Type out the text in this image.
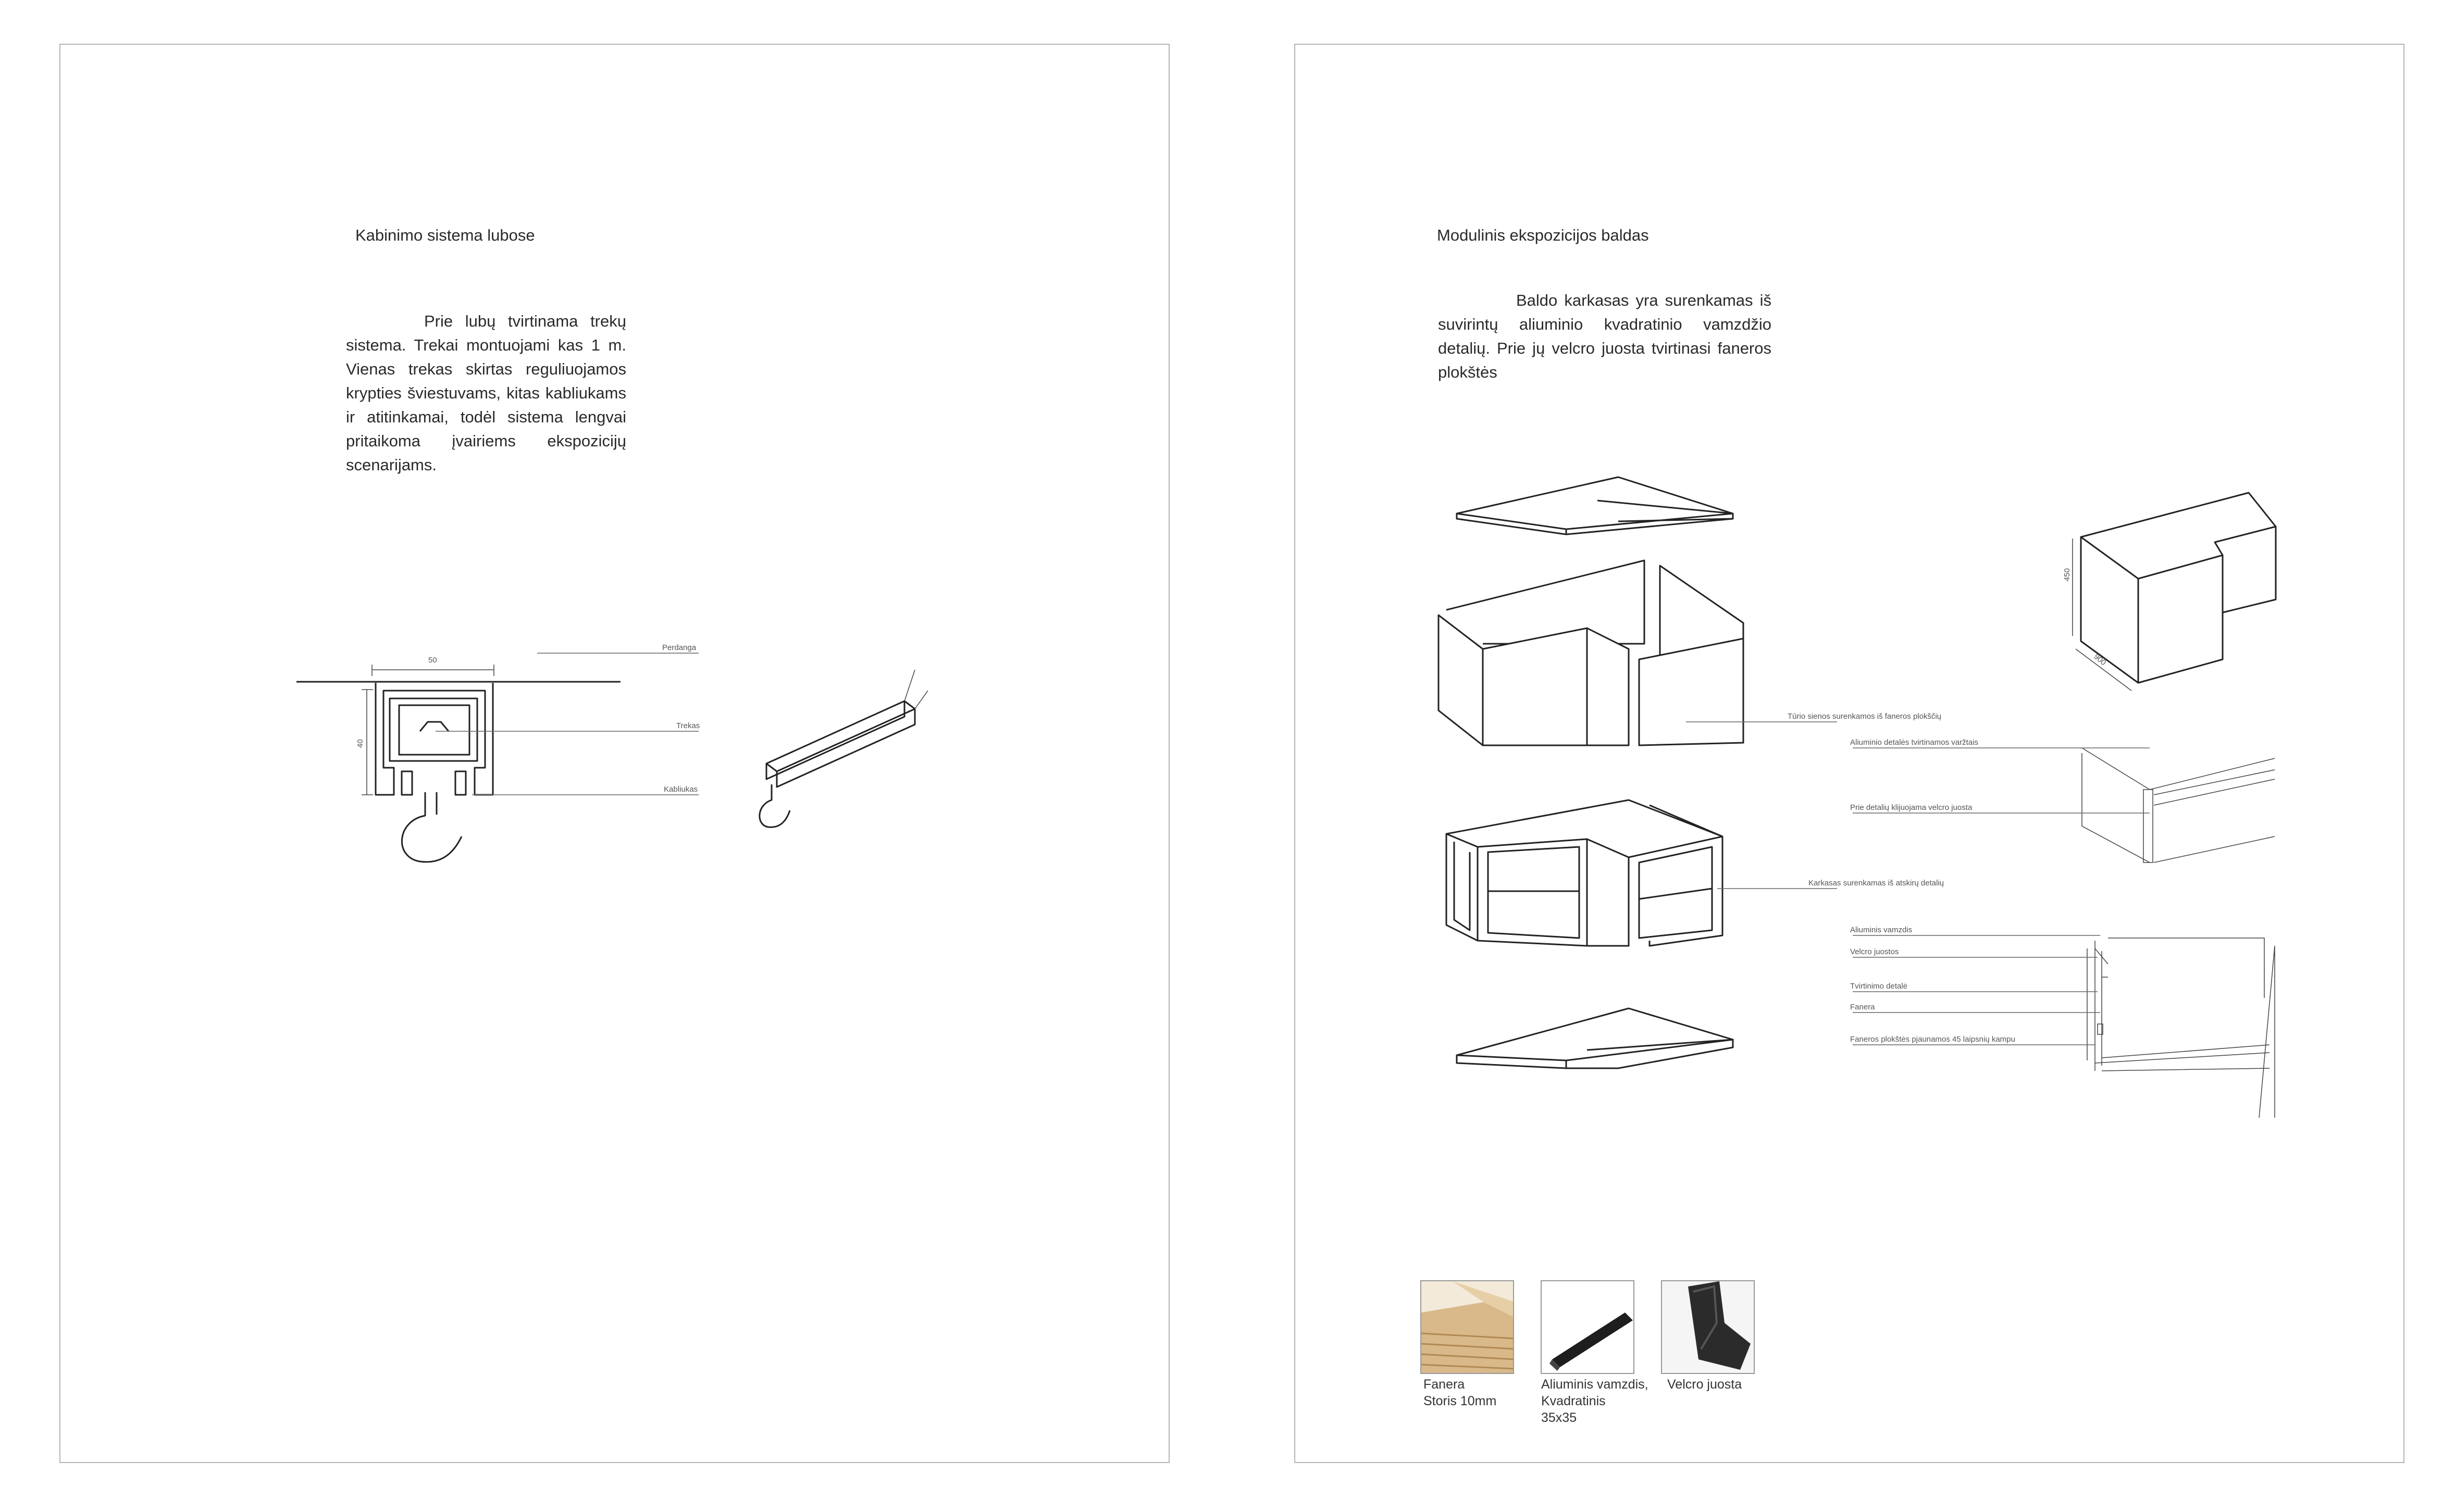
Kabinimo sistema lubose
Prie lubų tvirtinama trekų sistema. Trekai montuojami kas 1 m. Vienas trekas skirtas reguliuojamos krypties šviestuvams, kitas kabliukams ir atitinkamai, todėl sistema lengvai pritaikoma įvairiems ekspozicijų scenarijams.
50
40
Perdanga
Trekas
Kabliukas
Modulinis ekspozicijos baldas
Baldo karkasas yra surenkamas iš suvirintų aliuminio kvadratinio vamzdžio detalių. Prie jų velcro juosta tvirtinasi faneros plokštės
450
900
Tūrio sienos surenkamos iš faneros plokščių
Karkasas surenkamas iš atskirų detalių
Aliuminio detalės tvirtinamos varžtais
Prie detalių klijuojama velcro juosta
Aliuminis vamzdis
Velcro juostos
Tvirtinimo detalė
Fanera
Faneros plokštės pjaunamos 45 laipsnių kampu
Fanera
Storis 10mm
Aliuminis vamzdis,
Kvadratinis
35x35
Velcro juosta
